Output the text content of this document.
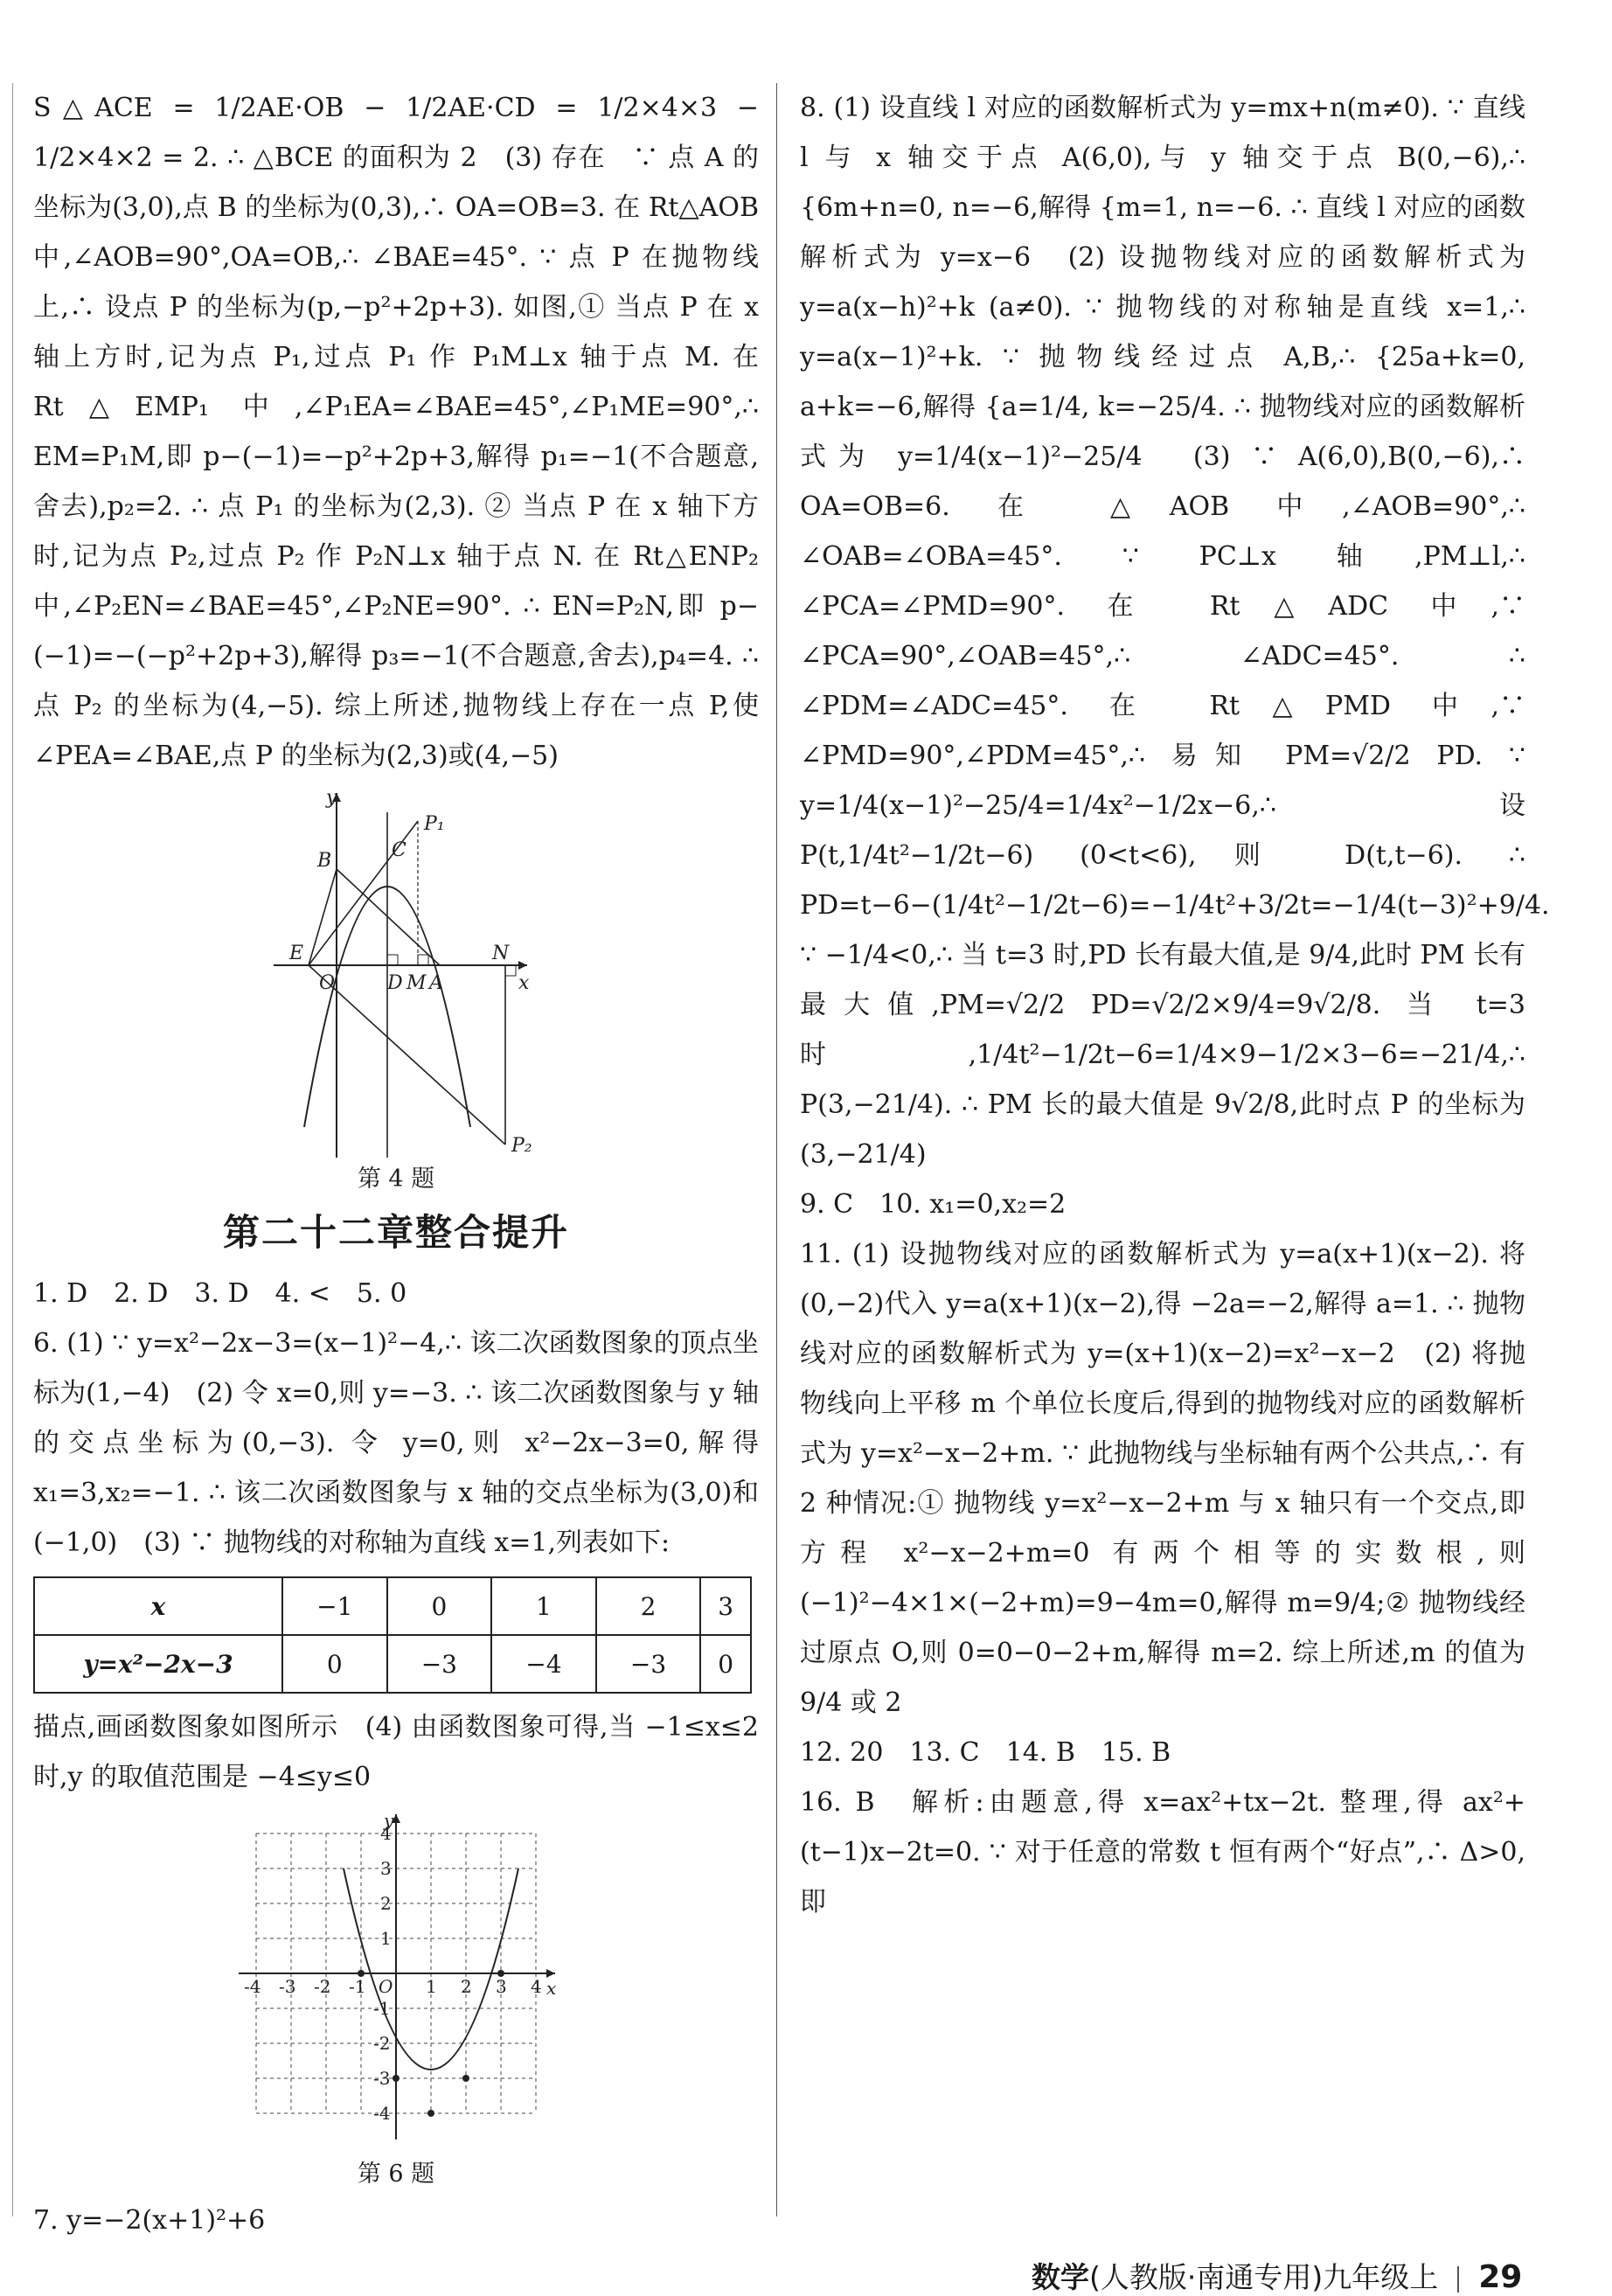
S△ACE = 1/2AE·OB − 1/2AE·CD = 1/2×4×3 − 1/2×4×2 = 2. ∴ △BCE 的面积为 2　(3) 存在　∵ 点 A 的坐标为(3,0),点 B 的坐标为(0,3),∴ OA=OB=3. 在 Rt△AOB 中,∠AOB=90°,OA=OB,∴ ∠BAE=45°. ∵ 点 P 在抛物线上,∴ 设点 P 的坐标为(p,−p²+2p+3). 如图,① 当点 P 在 x 轴上方时,记为点 P₁,过点 P₁ 作 P₁M⊥x 轴于点 M. 在 Rt△EMP₁ 中,∠P₁EA=∠BAE=45°,∠P₁ME=90°,∴ EM=P₁M,即 p−(−1)=−p²+2p+3,解得 p₁=−1(不合题意,舍去),p₂=2. ∴ 点 P₁ 的坐标为(2,3). ② 当点 P 在 x 轴下方时,记为点 P₂,过点 P₂ 作 P₂N⊥x 轴于点 N. 在 Rt△ENP₂ 中,∠P₂EN=∠BAE=45°,∠P₂NE=90°. ∴ EN=P₂N,即 p−(−1)=−(−p²+2p+3),解得 p₃=−1(不合题意,舍去),p₄=4. ∴ 点 P₂ 的坐标为(4,−5). 综上所述,抛物线上存在一点 P,使 ∠PEA=∠BAE,点 P 的坐标为(2,3)或(4,−5)

y
x
B	C
P₁
E
O	D M A
N
P₂
第 4 题
第二十二章整合提升

1. D　2. D　3. D　4. <　5. 0

6. (1) ∵ y=x²−2x−3=(x−1)²−4,∴ 该二次函数图象的顶点坐标为(1,−4)　(2) 令 x=0,则 y=−3. ∴ 该二次函数图象与 y 轴的交点坐标为(0,−3). 令 y=0,则 x²−2x−3=0,解得 x₁=3,x₂=−1. ∴ 该二次函数图象与 x 轴的交点坐标为(3,0)和(−1,0)　(3) ∵ 抛物线的对称轴为直线 x=1,列表如下:

x	−1	0	1	2	3
y=x²−2x−3	0	−3	−4	−3	0

描点,画函数图象如图所示　(4) 由函数图象可得,当 −1≤x≤2 时,y 的取值范围是 −4≤y≤0

y
x
O
-4 -3 -2 -1	1 2 3 4
4
3
2
1
-1
-2
-3
-4
第 6 题

7. y=−2(x+1)²+6

8. (1) 设直线 l 对应的函数解析式为 y=mx+n(m≠0). ∵ 直线 l 与 x 轴交于点 A(6,0),与 y 轴交于点 B(0,−6),∴ {6m+n=0, n=−6,解得 {m=1, n=−6. ∴ 直线 l 对应的函数解析式为 y=x−6　(2) 设抛物线对应的函数解析式为 y=a(x−h)²+k (a≠0). ∵ 抛物线的对称轴是直线 x=1,∴ y=a(x−1)²+k. ∵ 抛物线经过点 A,B,∴ {25a+k=0, a+k=−6,解得 {a=1/4, k=−25/4. ∴ 抛物线对应的函数解析式为 y=1/4(x−1)²−25/4　(3) ∵ A(6,0),B(0,−6),∴ OA=OB=6. 在 △AOB 中,∠AOB=90°,∴ ∠OAB=∠OBA=45°. ∵ PC⊥x 轴,PM⊥l,∴ ∠PCA=∠PMD=90°. 在 Rt△ADC 中,∵ ∠PCA=90°,∠OAB=45°,∴ ∠ADC=45°. ∴ ∠PDM=∠ADC=45°. 在 Rt△PMD 中,∵ ∠PMD=90°,∠PDM=45°,∴ 易知 PM=√2/2 PD. ∵ y=1/4(x−1)²−25/4=1/4x²−1/2x−6,∴ 设 P(t,1/4t²−1/2t−6) (0<t<6),则 D(t,t−6). ∴ PD=t−6−(1/4t²−1/2t−6)=−1/4t²+3/2t=−1/4(t−3)²+9/4. ∵ −1/4<0,∴ 当 t=3 时,PD 长有最大值,是 9/4,此时 PM 长有最大值,PM=√2/2 PD=√2/2×9/4=9√2/8. 当 t=3 时,1/4t²−1/2t−6=1/4×9−1/2×3−6=−21/4,∴ P(3,−21/4). ∴ PM 长的最大值是 9√2/8,此时点 P 的坐标为(3,−21/4)

9. C　10. x₁=0,x₂=2

11. (1) 设抛物线对应的函数解析式为 y=a(x+1)(x−2). 将(0,−2)代入 y=a(x+1)(x−2),得 −2a=−2,解得 a=1. ∴ 抛物线对应的函数解析式为 y=(x+1)(x−2)=x²−x−2　(2) 将抛物线向上平移 m 个单位长度后,得到的抛物线对应的函数解析式为 y=x²−x−2+m. ∵ 此抛物线与坐标轴有两个公共点,∴ 有 2 种情况:① 抛物线 y=x²−x−2+m 与 x 轴只有一个交点,即方程 x²−x−2+m=0 有两个相等的实数根,则 (−1)²−4×1×(−2+m)=9−4m=0,解得 m=9/4;② 抛物线经过原点 O,则 0=0−0−2+m,解得 m=2. 综上所述,m 的值为 9/4 或 2

12. 20　13. C　14. B　15. B

16. B　解析:由题意,得 x=ax²+tx−2t. 整理,得 ax²+(t−1)x−2t=0. ∵ 对于任意的常数 t 恒有两个“好点”,∴ Δ>0,即

数学(人教版·南通专用)九年级上 29
